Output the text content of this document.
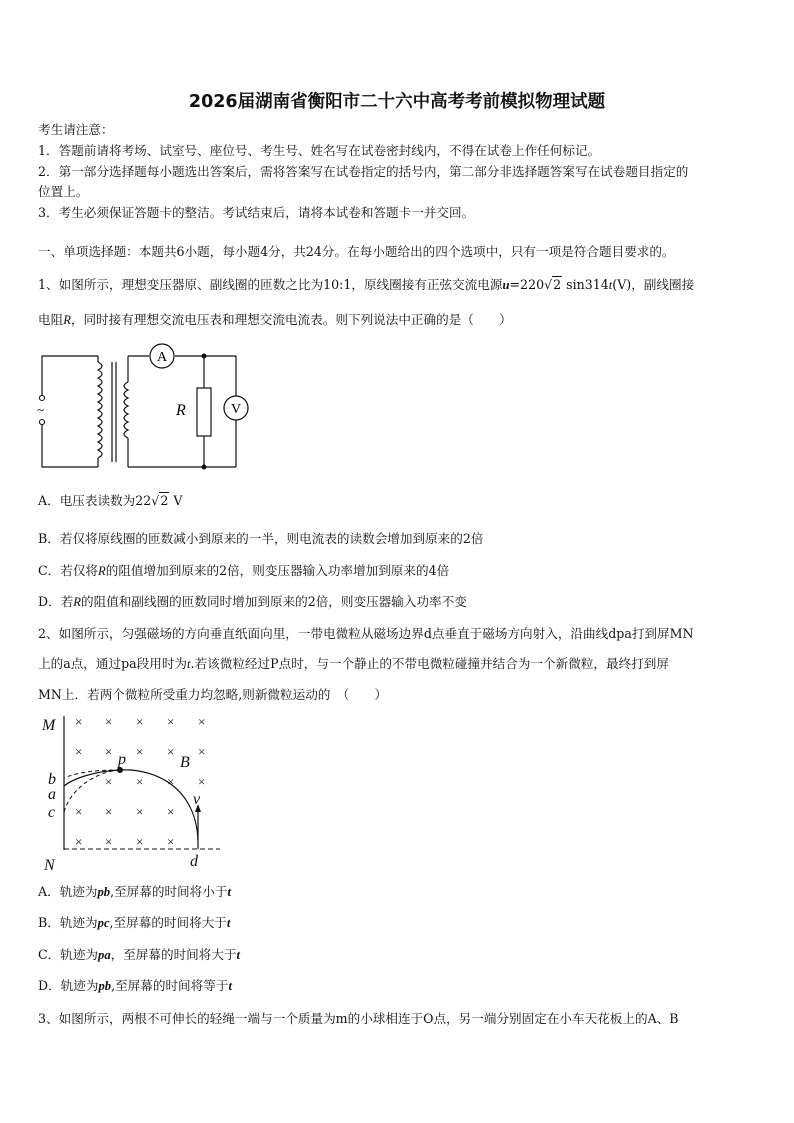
2026届湖南省衡阳市二十六中高考考前模拟物理试题
考生请注意：
1．答题前请将考场、试室号、座位号、考生号、姓名写在试卷密封线内，不得在试卷上作任何标记。
2．第一部分选择题每小题选出答案后，需将答案写在试卷指定的括号内，第二部分非选择题答案写在试卷题目指定的
位置上。
3．考生必须保证答题卡的整洁。考试结束后，请将本试卷和答题卡一并交回。
一、单项选择题：本题共6小题，每小题4分，共24分。在每小题给出的四个选项中，只有一项是符合题目要求的。
1、如图所示，理想变压器原、副线圈的匝数之比为10:1，原线圈接有正弦交流电源u=220√2 sin314t(V)，副线圈接
电阻R，同时接有理想交流电压表和理想交流电流表。则下列说法中正确的是（　　）
~
A
R	V
A．电压表读数为22√2 V
B．若仅将原线圈的匝数减小到原来的一半，则电流表的读数会增加到原来的2倍
C．若仅将R的阻值增加到原来的2倍，则变压器输入功率增加到原来的4倍
D．若R的阻值和副线圈的匝数同时增加到原来的2倍，则变压器输入功率不变
2、如图所示，匀强磁场的方向垂直纸面向里，一带电微粒从磁场边界d点垂直于磁场方向射入，沿曲线dpa打到屏MN
上的a点，通过pa段用时为t.若该微粒经过P点时，与一个静止的不带电微粒碰撞并结合为一个新微粒，最终打到屏
MN上．若两个微粒所受重力均忽略,则新微粒运动的　（　　）
× × × × ×
× × × × ×
× × × ×
× × × ×
× × × ×
M
N
p	B
b
a
c
v
d
A．轨迹为pb,至屏幕的时间将小于t
B．轨迹为pc,至屏幕的时间将大于t
C．轨迹为pa，至屏幕的时间将大于t
D．轨迹为pb,至屏幕的时间将等于t
3、如图所示，两根不可伸长的轻绳一端与一个质量为m的小球相连于O点，另一端分别固定在小车天花板上的A、B
